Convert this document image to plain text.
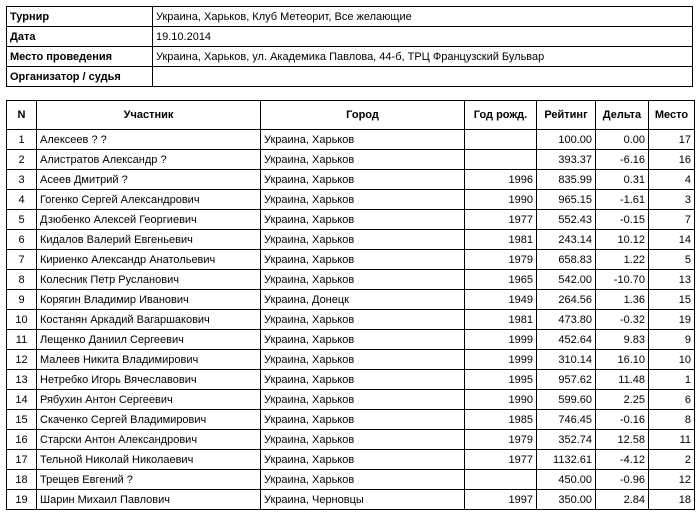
Турнир	Украина, Харьков, Клуб Метеорит, Все желающие
Дата	19.10.2014
Место проведения	Украина, Харьков, ул. Академика Павлова, 44-б, ТРЦ Французский Бульвар
Организатор / судья	
N	Участник	Город	Год рожд.	Рейтинг	Дельта	Место
1	Алексеев ? ?	Украина, Харьков		100.00	0.00	17
2	Алистратов Александр ?	Украина, Харьков		393.37	-6.16	16
3	Асеев Дмитрий ?	Украина, Харьков	1996	835.99	0.31	4
4	Гогенко Сергей Александрович	Украина, Харьков	1990	965.15	-1.61	3
5	Дзюбенко Алексей Георгиевич	Украина, Харьков	1977	552.43	-0.15	7
6	Кидалов Валерий Евгеньевич	Украина, Харьков	1981	243.14	10.12	14
7	Кириенко Александр Анатольевич	Украина, Харьков	1979	658.83	1.22	5
8	Колесник Петр Русланович	Украина, Харьков	1965	542.00	-10.70	13
9	Корягин Владимир Иванович	Украина, Донецк	1949	264.56	1.36	15
10	Костанян Аркадий Вагаршакович	Украина, Харьков	1981	473.80	-0.32	19
11	Лещенко Даниил Сергеевич	Украина, Харьков	1999	452.64	9.83	9
12	Малеев Никита Владимирович	Украина, Харьков	1999	310.14	16.10	10
13	Нетребко Игорь Вячеславович	Украина, Харьков	1995	957.62	11.48	1
14	Рябухин Антон Сергеевич	Украина, Харьков	1990	599.60	2.25	6
15	Скаченко Сергей Владимирович	Украина, Харьков	1985	746.45	-0.16	8
16	Старски Антон Александрович	Украина, Харьков	1979	352.74	12.58	11
17	Тельной Николай Николаевич	Украина, Харьков	1977	1132.61	-4.12	2
18	Трещев Евгений ?	Украина, Харьков		450.00	-0.96	12
19	Шарин Михаил Павлович	Украина, Черновцы	1997	350.00	2.84	18
